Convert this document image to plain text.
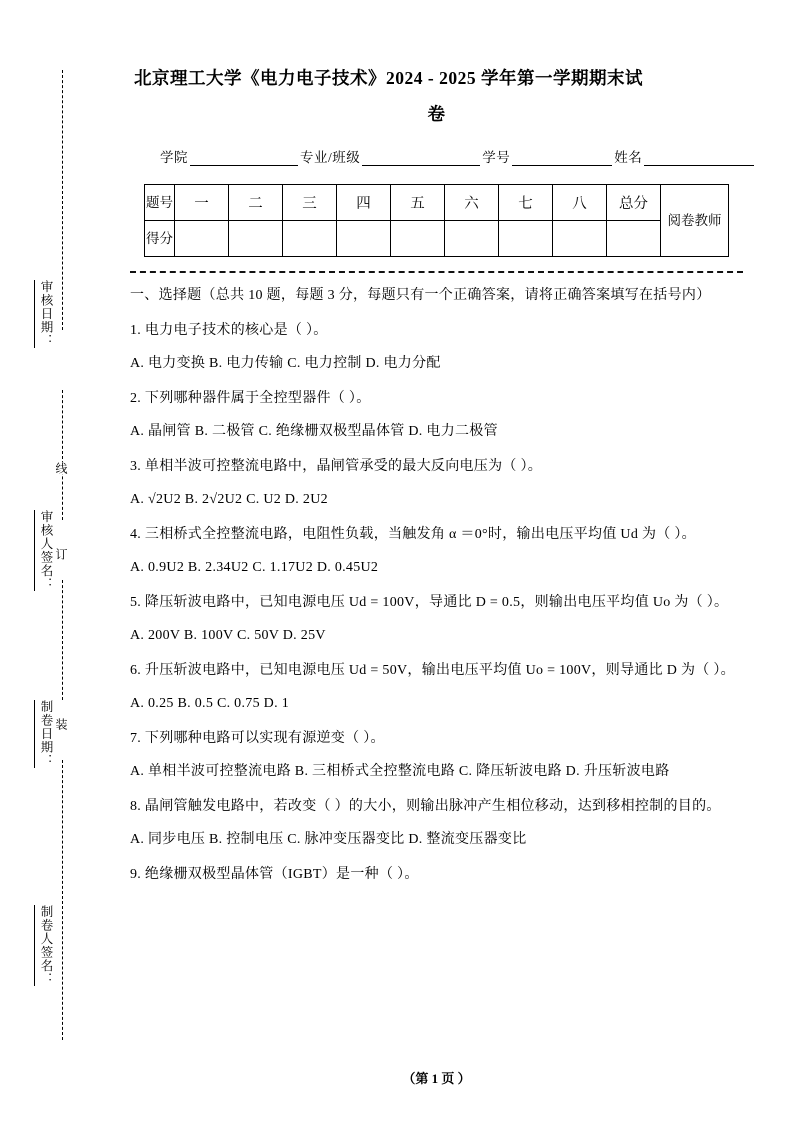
线
订
装
审核日期：
审核人签名：
制卷日期：
制卷人签名：
北京理工大学《电力电子技术》2024 - 2025 学年第一学期期末试
卷
学院	专业/班级	学号	姓名
题号	一	二	三	四	五	六	七	八	总分	阅卷教师
得分										
一、选择题（总共 10 题，每题 3 分，每题只有一个正确答案，请将正确答案填写在括号内）
1. 电力电子技术的核心是（ ）。
A. 电力变换 B. 电力传输 C. 电力控制 D. 电力分配
2. 下列哪种器件属于全控型器件（ ）。
A. 晶闸管 B. 二极管 C. 绝缘栅双极型晶体管 D. 电力二极管
3. 单相半波可控整流电路中，晶闸管承受的最大反向电压为（ ）。
A. √2U2 B. 2√2U2 C. U2 D. 2U2
4. 三相桥式全控整流电路，电阻性负载，当触发角 α ＝0°时，输出电压平均值 Ud 为（ ）。
A. 0.9U2 B. 2.34U2 C. 1.17U2 D. 0.45U2
5. 降压斩波电路中，已知电源电压 Ud = 100V，导通比 D = 0.5，则输出电压平均值 Uo 为（ ）。
A. 200V B. 100V C. 50V D. 25V
6. 升压斩波电路中，已知电源电压 Ud = 50V，输出电压平均值 Uo = 100V，则导通比 D 为（ ）。
A. 0.25 B. 0.5 C. 0.75 D. 1
7. 下列哪种电路可以实现有源逆变（ ）。
A. 单相半波可控整流电路 B. 三相桥式全控整流电路 C. 降压斩波电路 D. 升压斩波电路
8. 晶闸管触发电路中，若改变（ ）的大小，则输出脉冲产生相位移动，达到移相控制的目的。
A. 同步电压 B. 控制电压 C. 脉冲变压器变比 D. 整流变压器变比
9. 绝缘栅双极型晶体管（IGBT）是一种（ ）。
（第 1 页 ）
